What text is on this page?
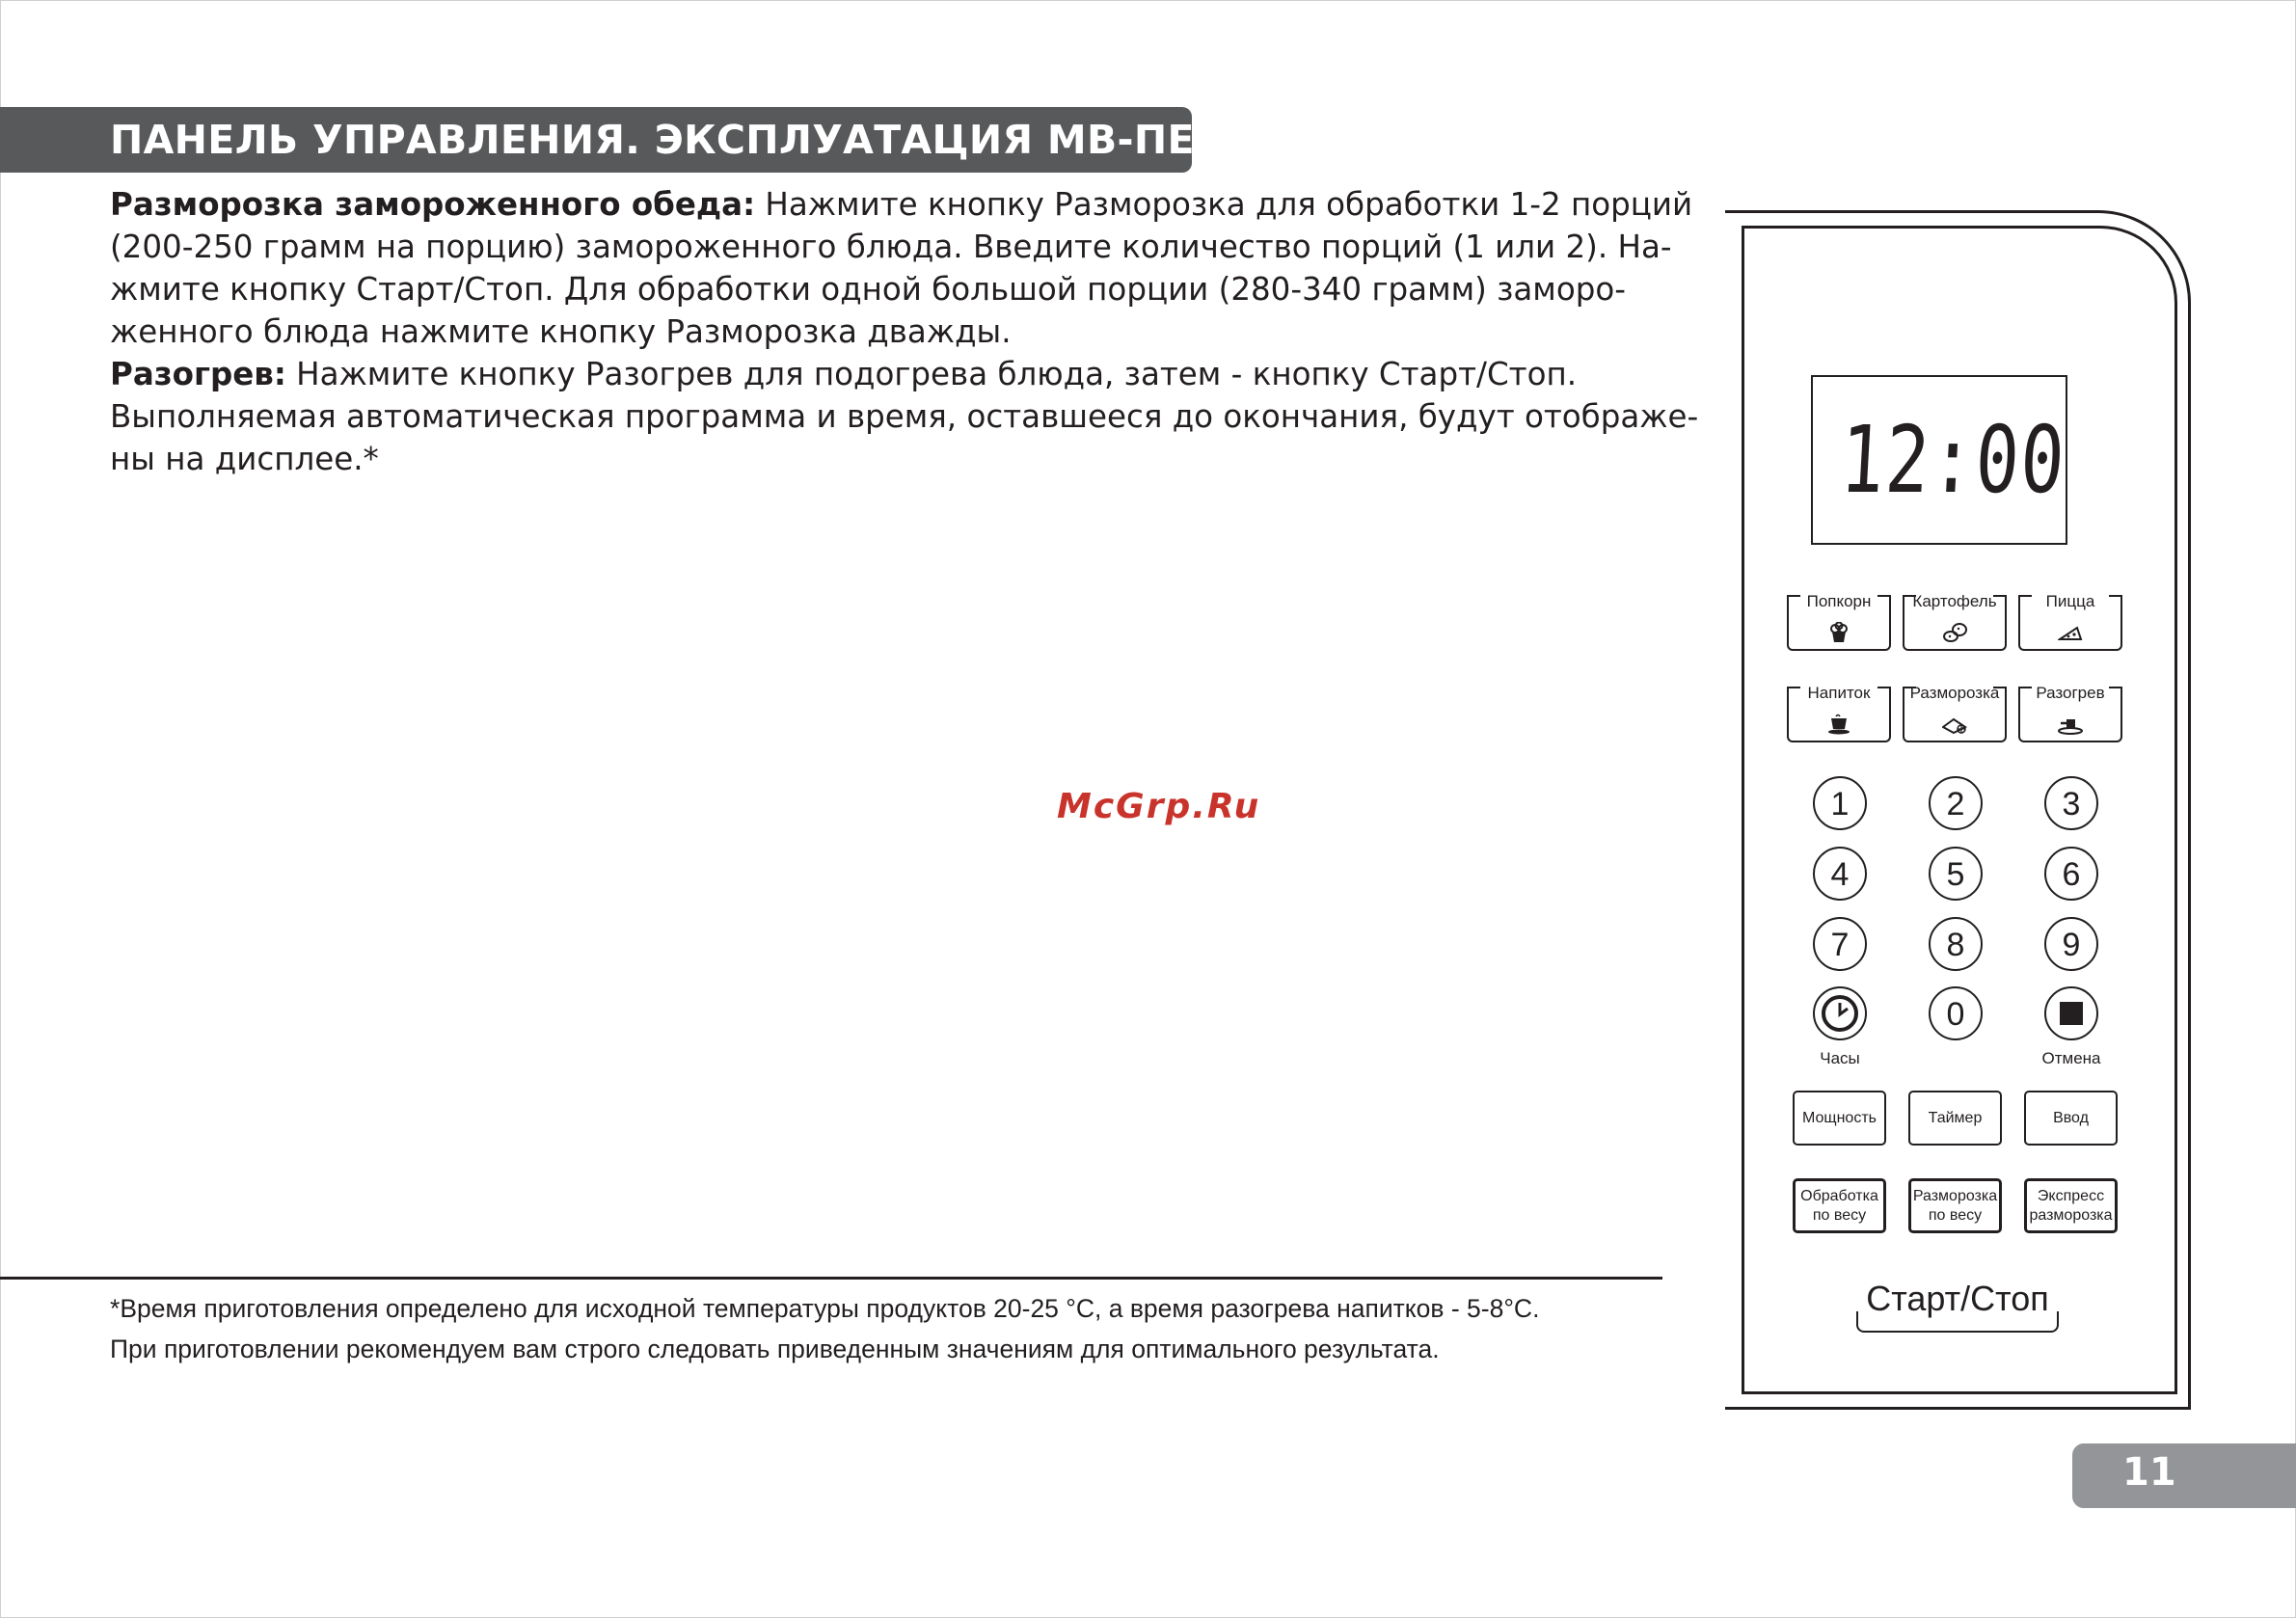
ПАНЕЛЬ УПРАВЛЕНИЯ. ЭКСПЛУАТАЦИЯ МВ-ПЕЧИ
Разморозка замороженного обеда: Нажмите кнопку Разморозка для обработки 1-2 порций
(200-250 грамм на порцию) замороженного блюда. Введите количество порций (1 или 2). На-
жмите кнопку Старт/Стоп. Для обработки одной большой порции (280-340 грамм) заморо-
женного блюда нажмите кнопку Разморозка дважды.
Разогрев: Нажмите кнопку Разогрев для подогрева блюда, затем - кнопку Старт/Стоп.
Выполняемая автоматическая программа и время, оставшееся до окончания, будут отображе-
ны на дисплее.*
McGrp.Ru
*Время приготовления определено для исходной температуры продуктов 20-25 °С, а время разогрева напитков - 5-8°С.
При приготовлении рекомендуем вам строго следовать приведенным значениям для оптимального результата.
11
12:00
Попкорн	Картофель	Пицца
Напиток	Разморозка	Разогрев
1	2	3
4	5	6
7	8	9
0
Часы	Отмена
Мощность	Таймер	Ввод
Обработка
по весу
Разморозка
по весу
Экспресс
разморозка
Старт/Стоп
